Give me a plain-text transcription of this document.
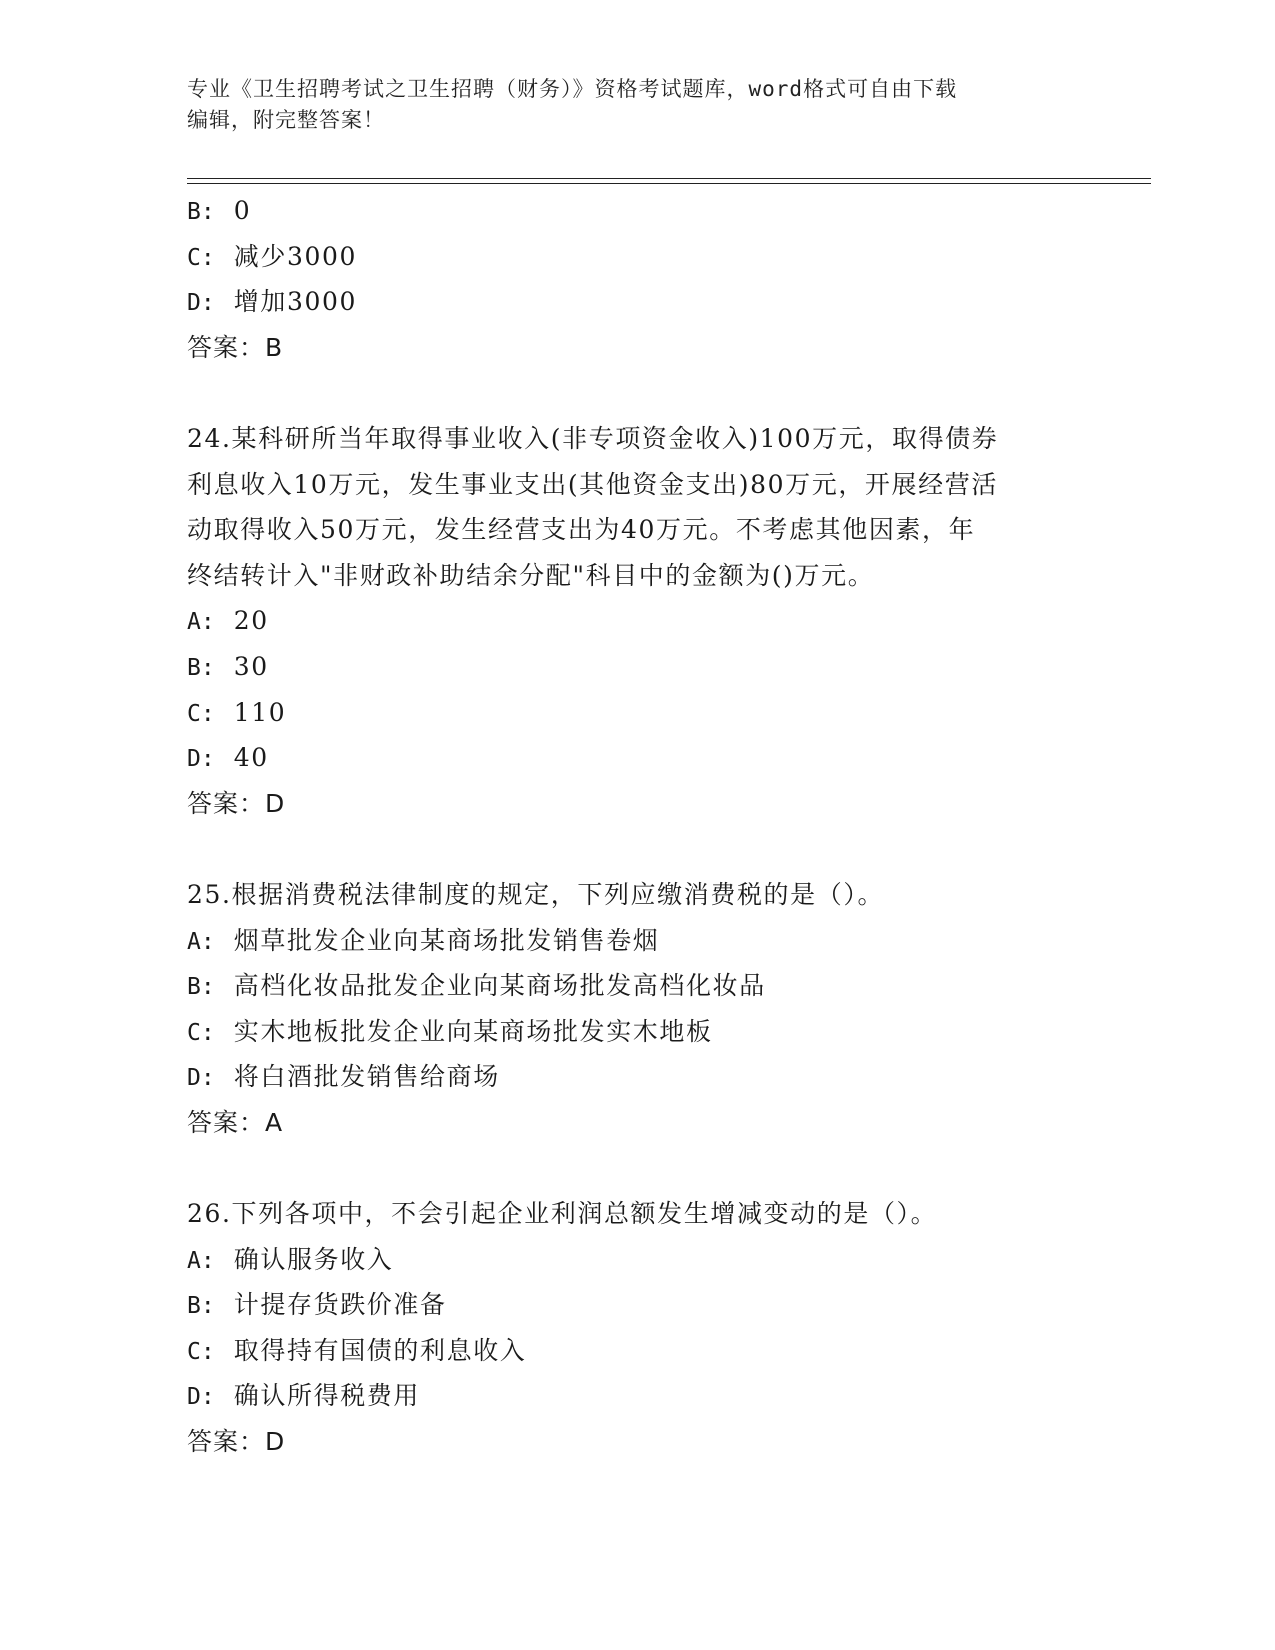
专业《卫生招聘考试之卫生招聘（财务）》资格考试题库，word格式可自由下载
编辑，附完整答案！
B: 0
C: 减少3000
D: 增加3000
答案：B
24.某科研所当年取得事业收入(非专项资金收入)100万元，取得债券
利息收入10万元，发生事业支出(其他资金支出)80万元，开展经营活
动取得收入50万元，发生经营支出为40万元。不考虑其他因素，年
终结转计入"非财政补助结余分配"科目中的金额为()万元。
A: 20
B: 30
C: 110
D: 40
答案：D
25.根据消费税法律制度的规定，下列应缴消费税的是（）。
A: 烟草批发企业向某商场批发销售卷烟
B: 高档化妆品批发企业向某商场批发高档化妆品
C: 实木地板批发企业向某商场批发实木地板
D: 将白酒批发销售给商场
答案：A
26.下列各项中，不会引起企业利润总额发生增减变动的是（）。
A: 确认服务收入
B: 计提存货跌价准备
C: 取得持有国债的利息收入
D: 确认所得税费用
答案：D
